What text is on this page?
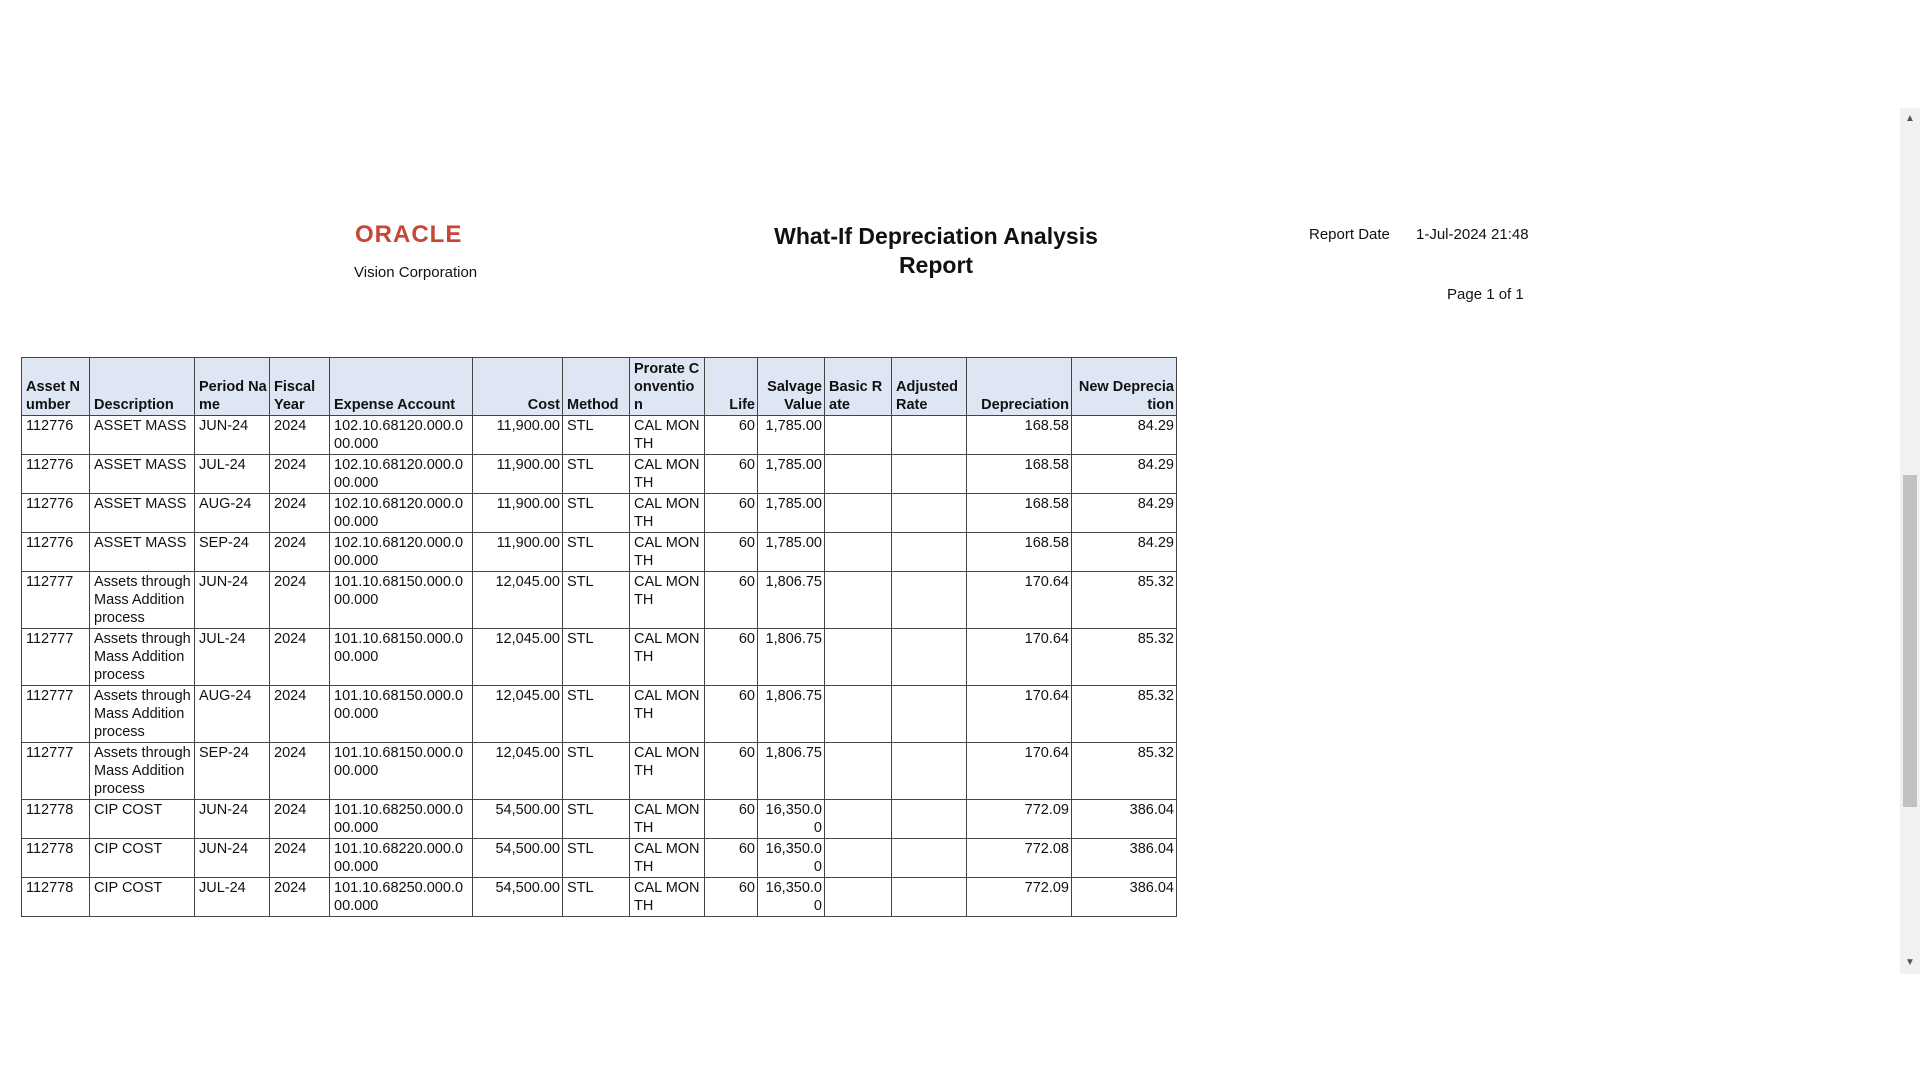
ORACLE
Vision Corporation
What-If Depreciation Analysis Report
Report Date 1-Jul-2024 21:48
Page 1 of 1
Asset Number	Description	Period Name	Fiscal Year	Expense Account	Cost	Method	Prorate Convention	Life	Salvage Value	Basic Rate	Adjusted Rate	Depreciation	New Depreciation
112776	ASSET MASS	JUN-24	2024	102.10.68120.000.000.000	11,900.00	STL	CAL MONTH	60	1,785.00			168.58	84.29
112776	ASSET MASS	JUL-24	2024	102.10.68120.000.000.000	11,900.00	STL	CAL MONTH	60	1,785.00			168.58	84.29
112776	ASSET MASS	AUG-24	2024	102.10.68120.000.000.000	11,900.00	STL	CAL MONTH	60	1,785.00			168.58	84.29
112776	ASSET MASS	SEP-24	2024	102.10.68120.000.000.000	11,900.00	STL	CAL MONTH	60	1,785.00			168.58	84.29
112777	Assets through Mass Addition process	JUN-24	2024	101.10.68150.000.000.000	12,045.00	STL	CAL MONTH	60	1,806.75			170.64	85.32
112777	Assets through Mass Addition process	JUL-24	2024	101.10.68150.000.000.000	12,045.00	STL	CAL MONTH	60	1,806.75			170.64	85.32
112777	Assets through Mass Addition process	AUG-24	2024	101.10.68150.000.000.000	12,045.00	STL	CAL MONTH	60	1,806.75			170.64	85.32
112777	Assets through Mass Addition process	SEP-24	2024	101.10.68150.000.000.000	12,045.00	STL	CAL MONTH	60	1,806.75			170.64	85.32
112778	CIP COST	JUN-24	2024	101.10.68250.000.000.000	54,500.00	STL	CAL MONTH	60	16,350.00			772.09	386.04
112778	CIP COST	JUN-24	2024	101.10.68220.000.000.000	54,500.00	STL	CAL MONTH	60	16,350.00			772.08	386.04
112778	CIP COST	JUL-24	2024	101.10.68250.000.000.000	54,500.00	STL	CAL MONTH	60	16,350.00			772.09	386.04
▲
▼
